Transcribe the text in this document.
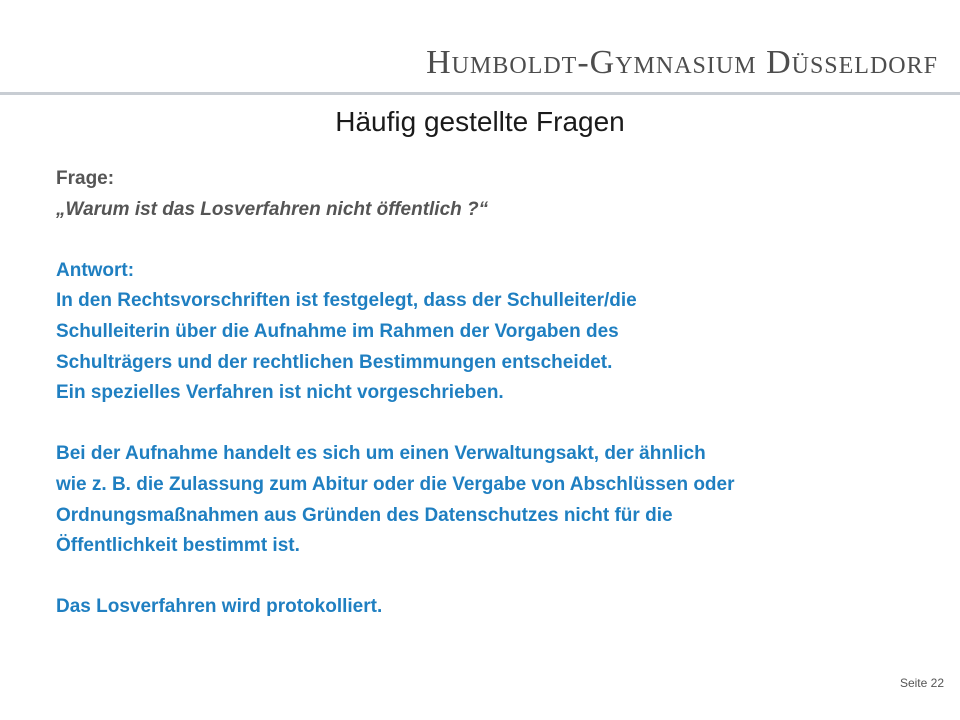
Humboldt-Gymnasium Düsseldorf
Häufig gestellte Fragen

Frage:

„Warum ist das Losverfahren nicht öffentlich ?“

Antwort:

In den Rechtsvorschriften ist festgelegt, dass der Schulleiter/die

Schulleiterin über die Aufnahme im Rahmen der Vorgaben des

Schulträgers und der rechtlichen Bestimmungen entscheidet.

Ein spezielles Verfahren ist nicht vorgeschrieben.

Bei der Aufnahme handelt es sich um einen Verwaltungsakt, der ähnlich

wie z. B. die Zulassung zum Abitur oder die Vergabe von Abschlüssen oder

Ordnungsmaßnahmen aus Gründen des Datenschutzes nicht für die

Öffentlichkeit bestimmt ist.

Das Losverfahren wird protokolliert.

Seite 22
